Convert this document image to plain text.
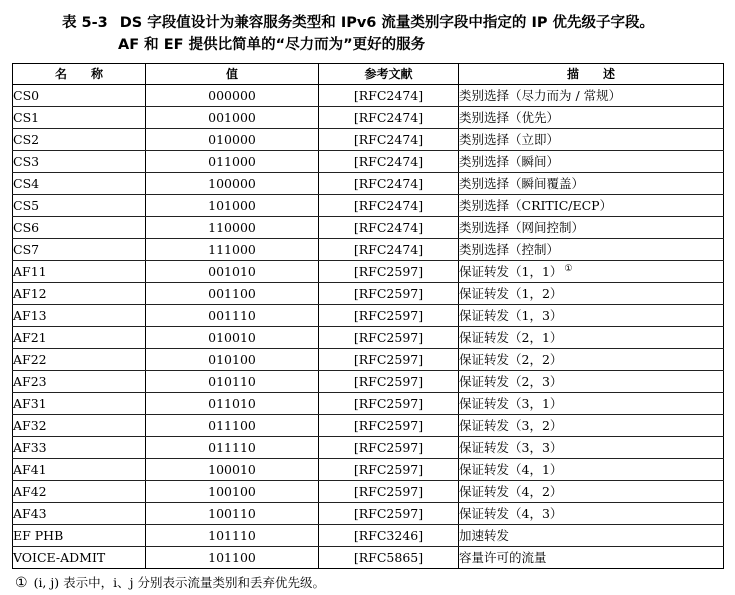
表 5-3 DS 字段值设计为兼容服务类型和 IPv6 流量类别字段中指定的 IP 优先级子字段。
AF 和 EF 提供比简单的“尽力而为”更好的服务
名　　称	值	参考文献	描　　述
CS0	000000	[RFC2474]	类别选择（尽力而为 / 常规）
CS1	001000	[RFC2474]	类别选择（优先）
CS2	010000	[RFC2474]	类别选择（立即）
CS3	011000	[RFC2474]	类别选择（瞬间）
CS4	100000	[RFC2474]	类别选择（瞬间覆盖）
CS5	101000	[RFC2474]	类别选择（CRITIC/ECP）
CS6	110000	[RFC2474]	类别选择（网间控制）
CS7	111000	[RFC2474]	类别选择（控制）
AF11	001010	[RFC2597]	保证转发（1，1） ①
AF12	001100	[RFC2597]	保证转发（1，2）
AF13	001110	[RFC2597]	保证转发（1，3）
AF21	010010	[RFC2597]	保证转发（2，1）
AF22	010100	[RFC2597]	保证转发（2，2）
AF23	010110	[RFC2597]	保证转发（2，3）
AF31	011010	[RFC2597]	保证转发（3，1）
AF32	011100	[RFC2597]	保证转发（3，2）
AF33	011110	[RFC2597]	保证转发（3，3）
AF41	100010	[RFC2597]	保证转发（4，1）
AF42	100100	[RFC2597]	保证转发（4，2）
AF43	100110	[RFC2597]	保证转发（4，3）
EF PHB	101110	[RFC3246]	加速转发
VOICE-ADMIT	101100	[RFC5865]	容量许可的流量
① (i, j) 表示中，i、j 分别表示流量类别和丢弃优先级。
